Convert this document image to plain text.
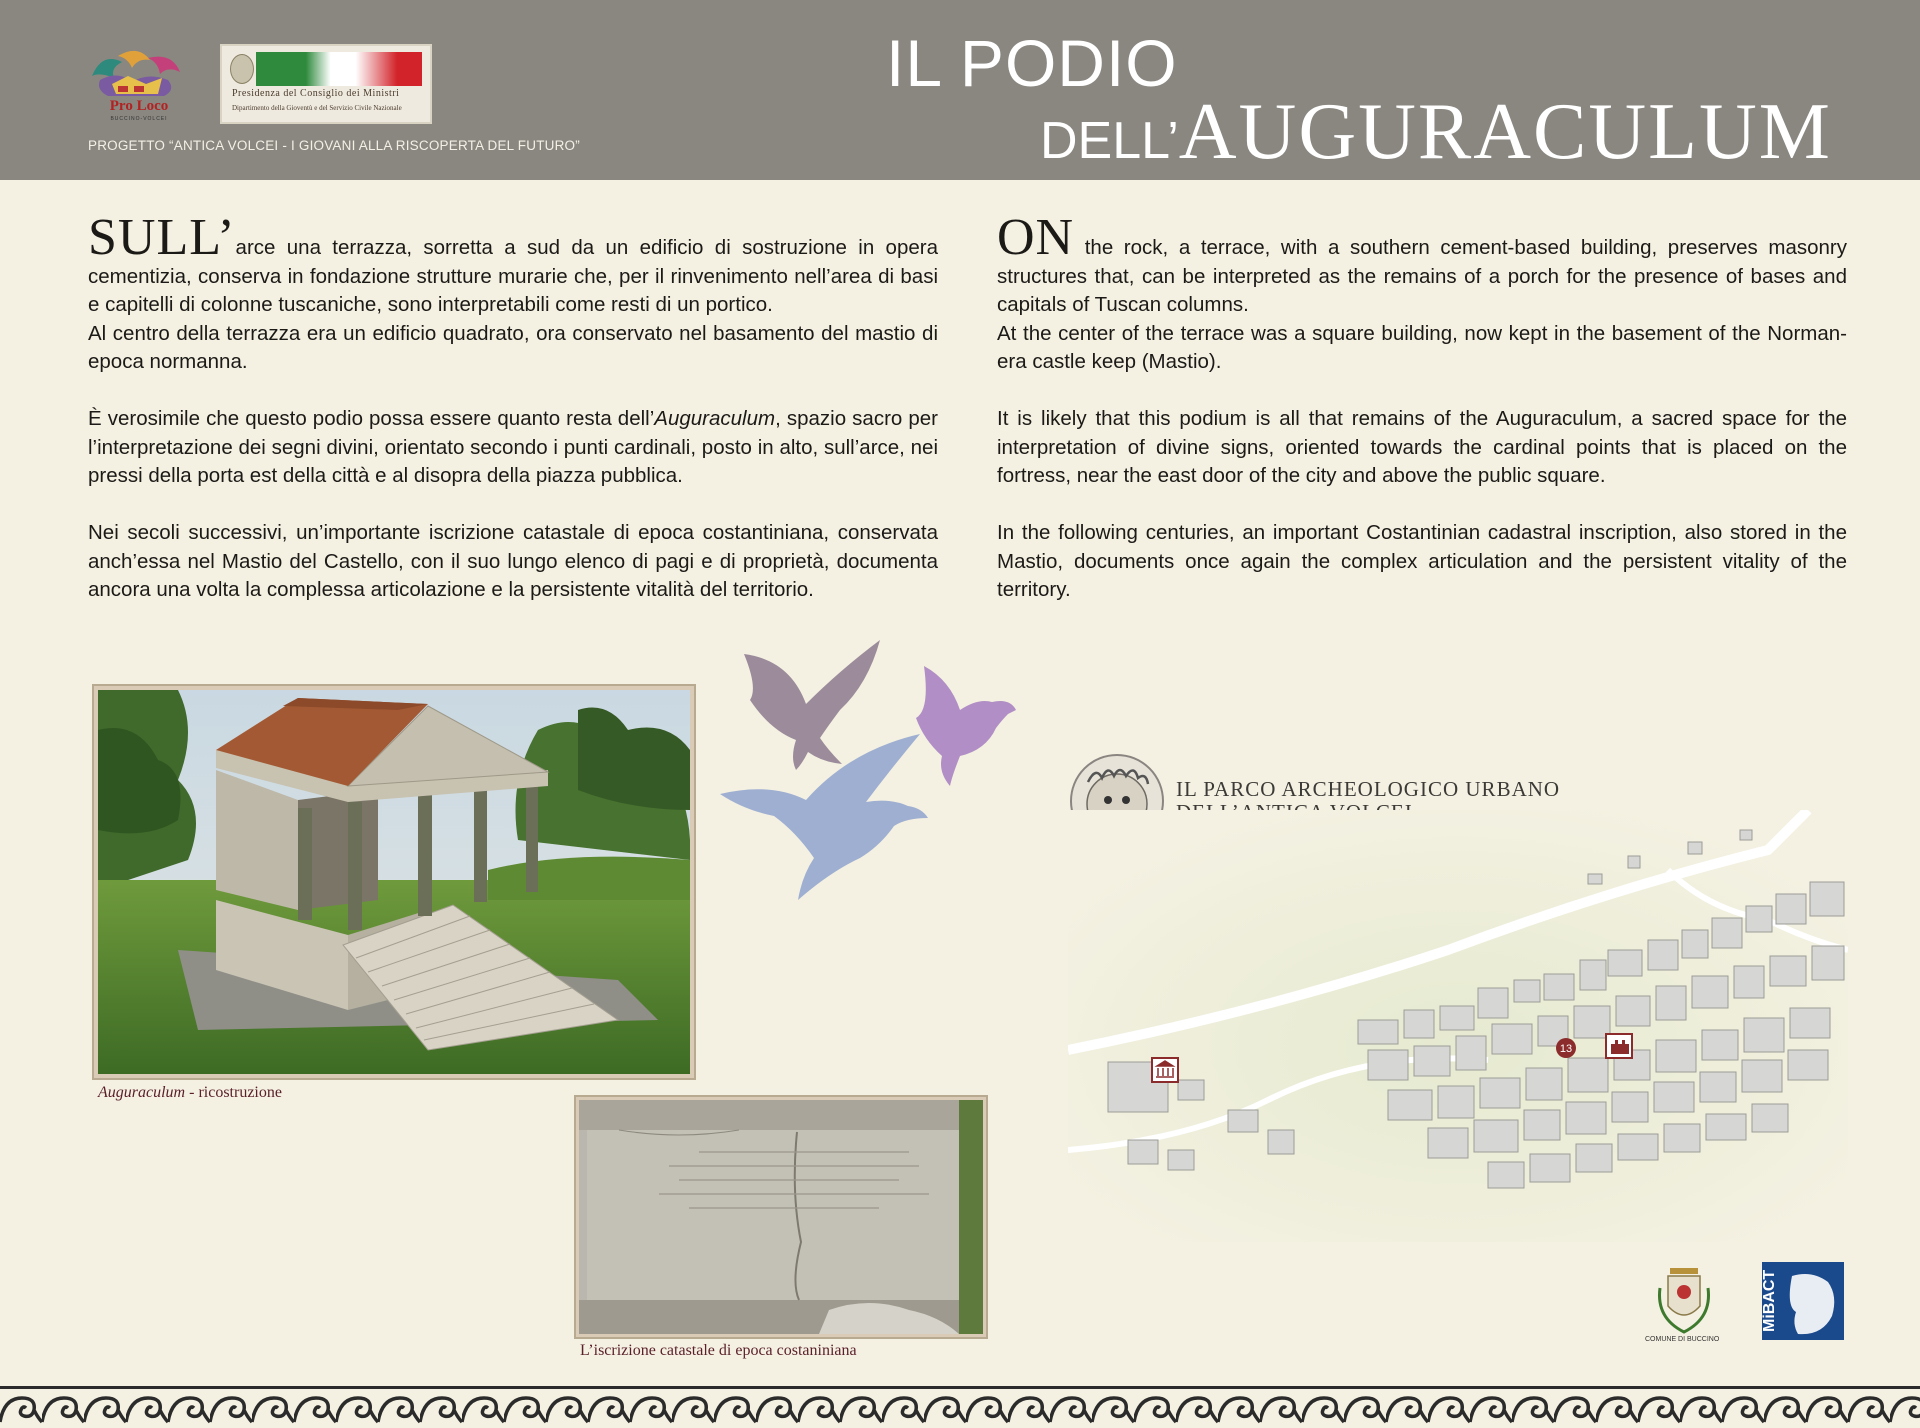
Pro Loco
BUCCINO-VOLCEI
Presidenza del Consiglio dei Ministri
Dipartimento della Gioventù e del Servizio Civile Nazionale
PROGETTO “ANTICA VOLCEI - I GIOVANI ALLA RISCOPERTA DEL FUTURO”
IL PODIO
DELL’AUGURACULUM

SULL’arce una terrazza, sorretta a sud da un edificio di sostruzione in opera cementizia, conserva in fondazione strutture murarie che, per il rinvenimento nell’area di basi e capitelli di colonne tuscaniche, sono interpretabili come resti di un portico.
Al centro della terrazza era un edificio quadrato, ora conservato nel basamento del mastio di epoca normanna.

È verosimile che questo podio possa essere quanto resta dell’Auguraculum, spazio sacro per l’interpretazione dei segni divini, orientato secondo i punti cardinali, posto in alto, sull’arce, nei pressi della porta est della città e al disopra della piazza pubblica.

Nei secoli successivi, un’importante iscrizione catastale di epoca costantiniana, conservata anch’essa nel Mastio del Castello, con il suo lungo elenco di pagi e di proprietà, documenta ancora una volta la complessa articolazione e la persistente vitalità del territorio.

ON the rock, a terrace, with a southern cement-based building, preserves masonry structures that, can be interpreted as the remains of a porch for the presence of bases and capitals of Tuscan columns.
At the center of the terrace was a square building, now kept in the basement of the Norman-era castle keep (Mastio).

It is likely that this podium is all that remains of the Auguraculum, a sacred space for the interpretation of divine signs, oriented towards the cardinal points that is placed on the fortress, near the east door of the city and above the public square.

In the following centuries, an important Costantinian cadastral inscription, also stored in the Mastio, documents once again the complex articulation and the persistent vitality of the territory.

Auguraculum - ricostruzione
L’iscrizione catastale di epoca costaniniana
IL PARCO ARCHEOLOGICO URBANO
13
COMUNE DI BUCCINO
MiBACT
